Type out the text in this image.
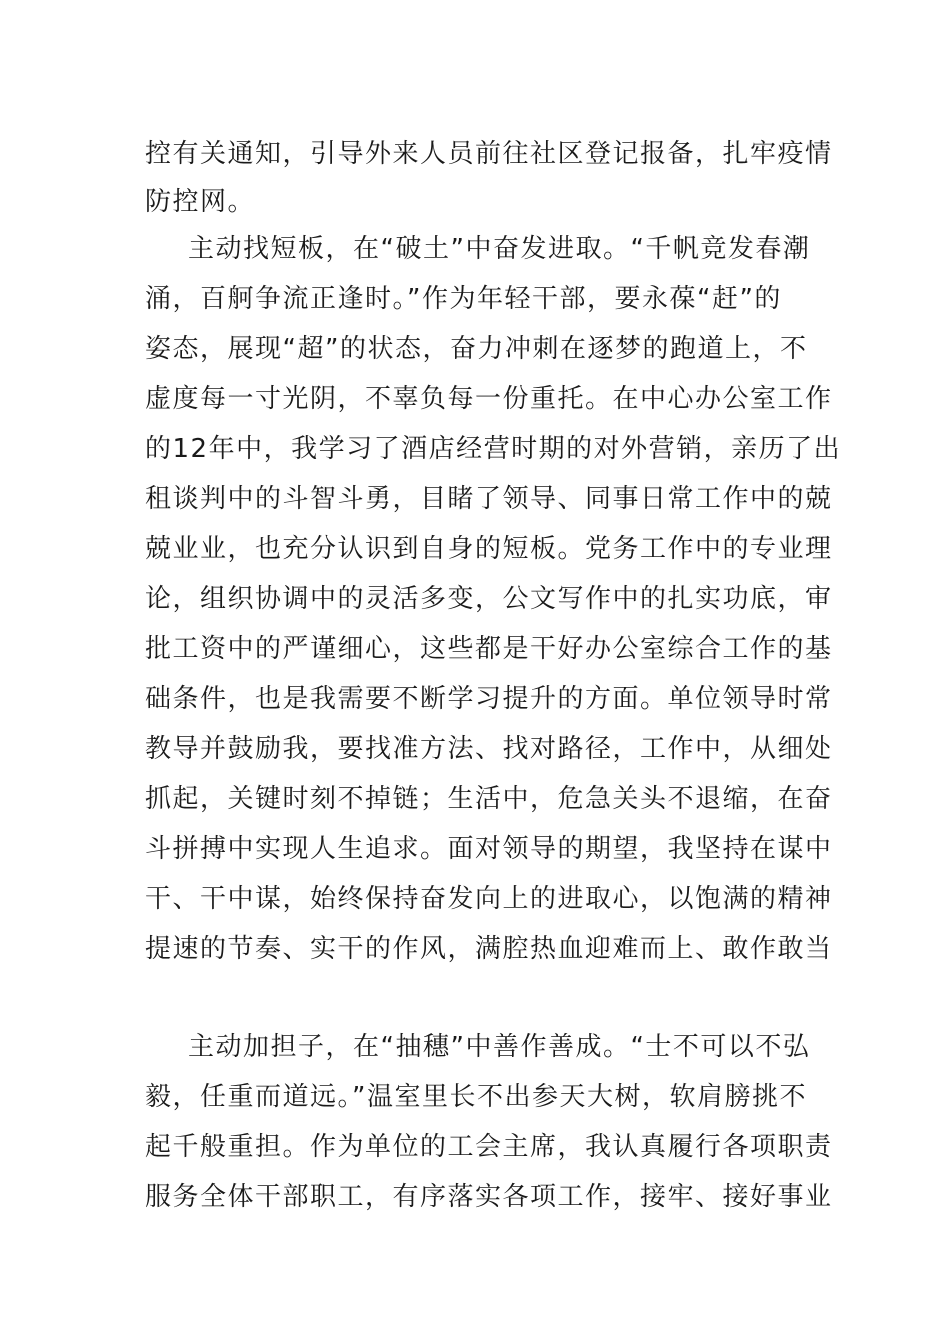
控有关通知，引导外来人员前往社区登记报备，扎牢疫情
防控网。
主动找短板，在“破土”中奋发进取。“千帆竞发春潮
涌，百舸争流正逢时。”作为年轻干部，要永葆“赶”的
姿态，展现“超”的状态，奋力冲刺在逐梦的跑道上，不
虚度每一寸光阴，不辜负每一份重托。在中心办公室工作
的12年中，我学习了酒店经营时期的对外营销，亲历了出
租谈判中的斗智斗勇，目睹了领导、同事日常工作中的兢
兢业业，也充分认识到自身的短板。党务工作中的专业理
论，组织协调中的灵活多变，公文写作中的扎实功底，审
批工资中的严谨细心，这些都是干好办公室综合工作的基
础条件，也是我需要不断学习提升的方面。单位领导时常
教导并鼓励我，要找准方法、找对路径，工作中，从细处
抓起，关键时刻不掉链；生活中，危急关头不退缩，在奋
斗拼搏中实现人生追求。面对领导的期望，我坚持在谋中
干、干中谋，始终保持奋发向上的进取心，以饱满的精神
提速的节奏、实干的作风，满腔热血迎难而上、敢作敢当
主动加担子，在“抽穗”中善作善成。“士不可以不弘
毅，任重而道远。”温室里长不出参天大树，软肩膀挑不
起千般重担。作为单位的工会主席，我认真履行各项职责
服务全体干部职工，有序落实各项工作，接牢、接好事业
